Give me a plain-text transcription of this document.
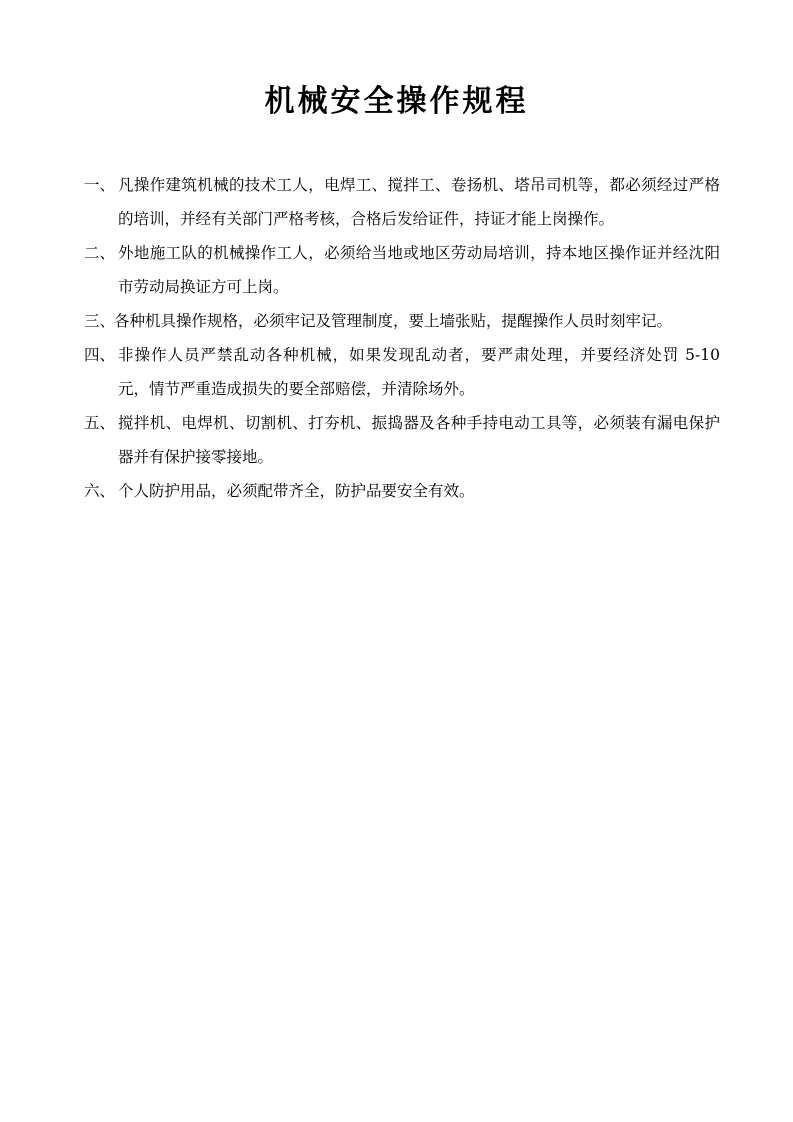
机械安全操作规程
一、 凡操作建筑机械的技术工人，电焊工、搅拌工、卷扬机、塔吊司机等，都必须经过严格的培训，并经有关部门严格考核，合格后发给证件，持证才能上岗操作。
二、 外地施工队的机械操作工人，必须给当地或地区劳动局培训，持本地区操作证并经沈阳市劳动局换证方可上岗。
三、
各种机具操作规格，必须牢记及管理制度，要上墙张贴，提醒操作人员时刻牢记。
四、 非操作人员严禁乱动各种机械，如果发现乱动者，要严肃处理，并要经济处罚 5-10 元，情节严重造成损失的要全部赔偿，并清除场外。
五、 搅拌机、电焊机、切割机、打夯机、振捣器及各种手持电动工具等，必须装有漏电保护器并有保护接零接地。
六、 个人防护用品，必须配带齐全，防护品要安全有效。
